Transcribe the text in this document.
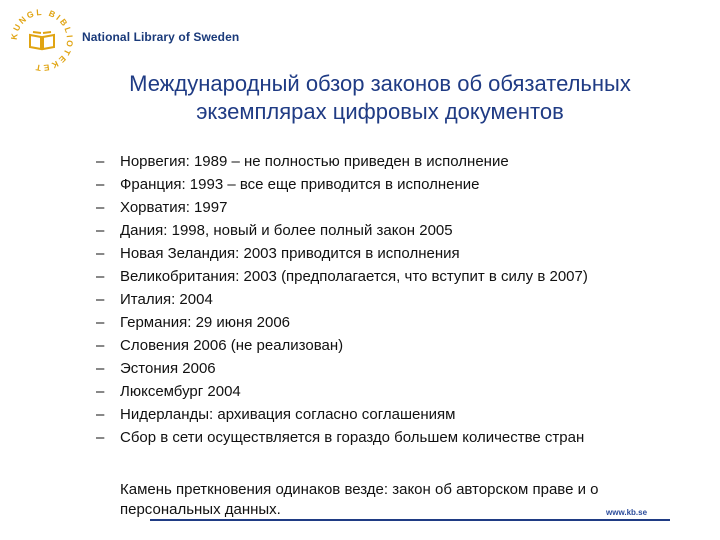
KUNGL BIBLIOTEKET
National Library of Sweden
Международный обзор законов об обязательных
экземплярах цифровых документов
–	Норвегия: 1989 – не полностью приведен в исполнение
–	Франция: 1993 – все еще приводится в исполнение
–	Хорватия: 1997
–	Дания: 1998, новый и более полный закон 2005
–	Новая Зеландия: 2003 приводится в исполнения
–	Великобритания: 2003 (предполагается, что вступит в силу в 2007)
–	Италия: 2004
–	Германия: 29 июня 2006
–	Словения 2006 (не реализован)
–	Эстония 2006
–	Люксембург 2004
–	Нидерланды: архивация согласно соглашениям
–	Сбор в сети осуществляется в гораздо большем количестве стран
Камень преткновения одинаков везде: закон об авторском праве и о персональных данных.	www.kb.se
